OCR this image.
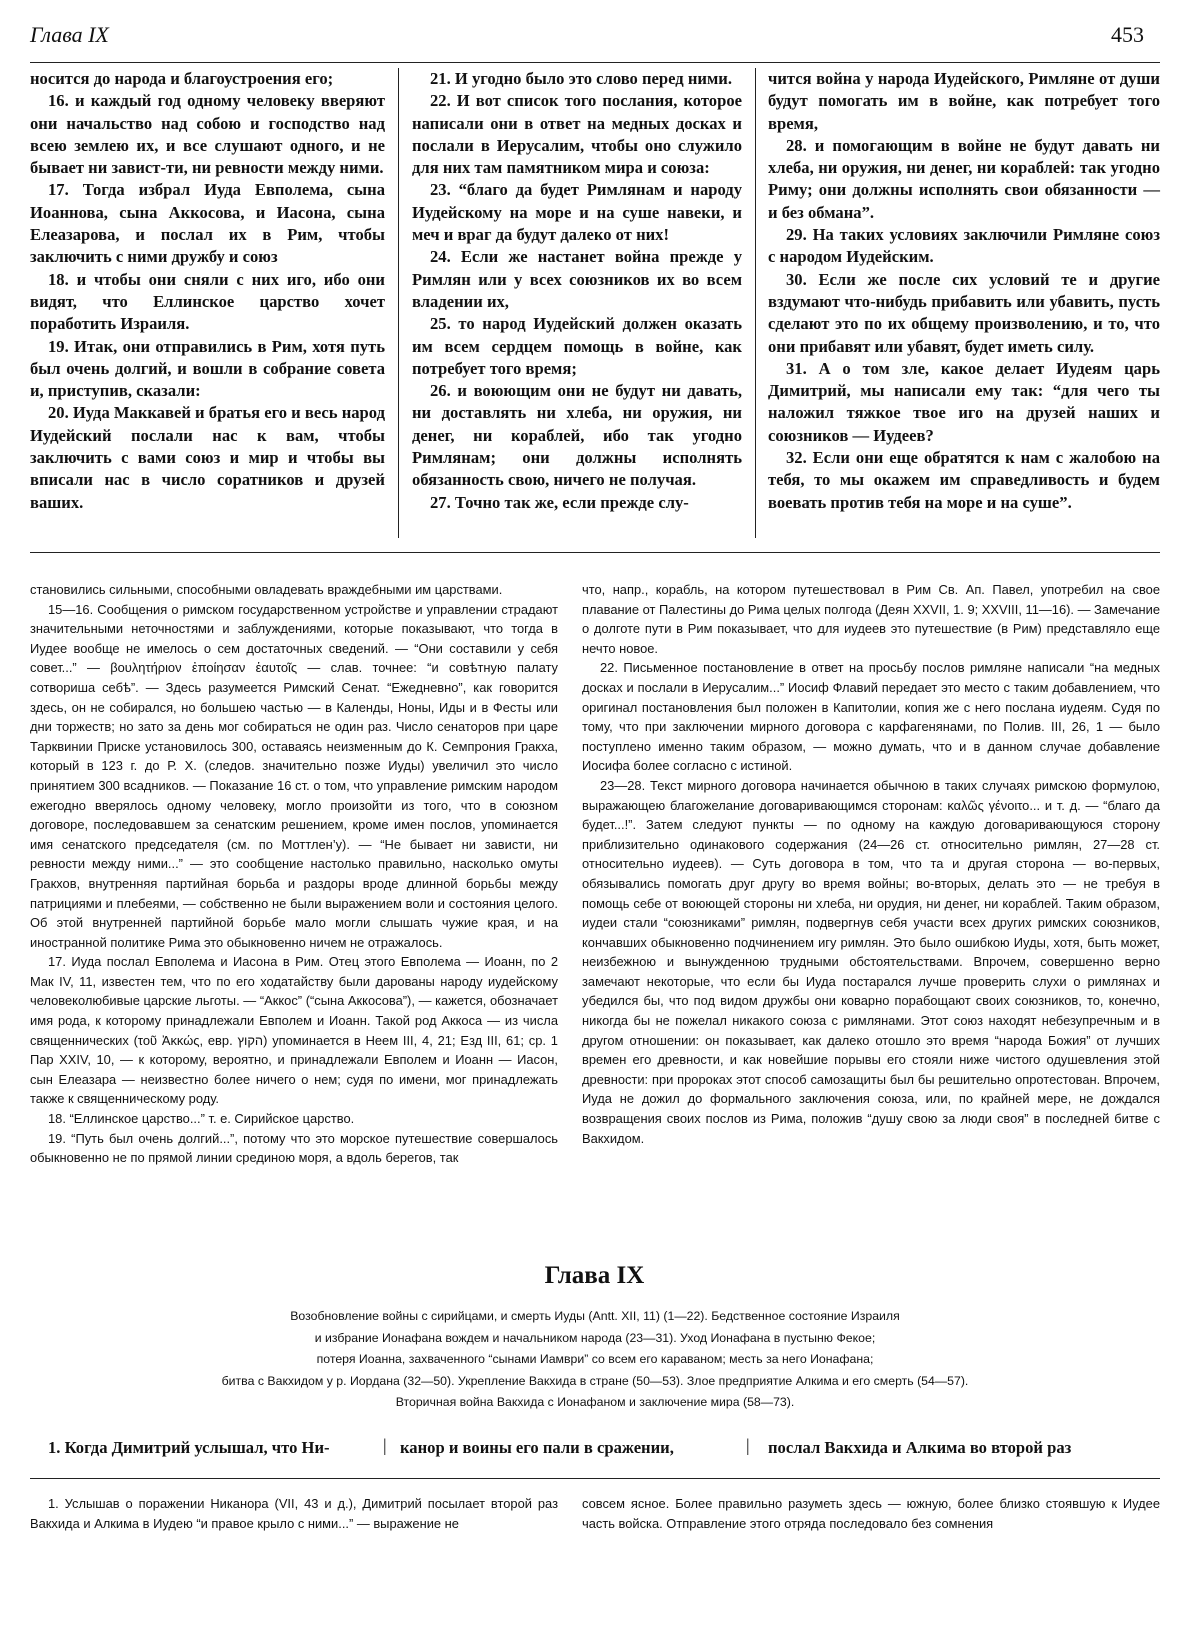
Глава IX	453

носится до народа и благоустроения его;

16. и каждый год одному человеку вверяют они начальство над собою и господство над всею землею их, и все слушают одного, и не бывает ни завист-ти, ни ревности между ними.

17. Тогда избрал Иуда Евполема, сына Иоаннова, сына Аккосова, и Иасона, сына Елеазарова, и послал их в Рим, чтобы заключить с ними дружбу и союз

18. и чтобы они сняли с них иго, ибо они видят, что Еллинское царство хочет поработить Израиля.

19. Итак, они отправились в Рим, хотя путь был очень долгий, и вошли в собрание совета и, приступив, сказали:

20. Иуда Маккавей и братья его и весь народ Иудейский послали нас к вам, чтобы заключить с вами союз и мир и чтобы вы вписали нас в число соратников и друзей ваших.

21. И угодно было это слово перед ними.

22. И вот список того послания, которое написали они в ответ на медных досках и послали в Иерусалим, чтобы оно служило для них там памятником мира и союза:

23. “благо да будет Римлянам и народу Иудейскому на море и на суше навеки, и меч и враг да будут далеко от них!

24. Если же настанет война прежде у Римлян или у всех союзников их во всем владении их,

25. то народ Иудейский должен оказать им всем сердцем помощь в войне, как потребует того время;

26. и воюющим они не будут ни давать, ни доставлять ни хлеба, ни оружия, ни денег, ни кораблей, ибо так угодно Римлянам; они должны исполнять обязанность свою, ничего не получая.

27. Точно так же, если прежде слу-

чится война у народа Иудейского, Римляне от души будут помогать им в войне, как потребует того время,

28. и помогающим в войне не будут давать ни хлеба, ни оружия, ни денег, ни кораблей: так угодно Риму; они должны исполнять свои обязанности — и без обмана”.

29. На таких условиях заключили Римляне союз с народом Иудейским.

30. Если же после сих условий те и другие вздумают что-нибудь прибавить или убавить, пусть сделают это по их общему произволению, и то, что они прибавят или убавят, будет иметь силу.

31. А о том зле, какое делает Иудеям царь Димитрий, мы написали ему так: “для чего ты наложил тяжкое твое иго на друзей наших и союзников — Иудеев?

32. Если они еще обратятся к нам с жалобою на тебя, то мы окажем им справедливость и будем воевать против тебя на море и на суше”.

становились сильными, способными овладевать враждебными им царствами.

15—16. Сообщения о римском государственном устройстве и управлении страдают значительными неточностями и заблуждениями, которые показывают, что тогда в Иудее вообще не имелось о сем достаточных сведений. — “Они составили у себя совет...” — βουλητήριον ἐποίησαν ἑαυτοῖς — слав. точнее: “и совѣтную палату сотвориша себѣ”. — Здесь разумеется Римский Сенат. “Ежедневно”, как говорится здесь, он не собирался, но большею частью — в Календы, Ноны, Иды и в Фесты или дни торжеств; но зато за день мог собираться не один раз. Число сенаторов при царе Тарквинии Приске установилось 300, оставаясь неизменным до К. Семпрония Гракха, который в 123 г. до Р. Х. (следов. значительно позже Иуды) увеличил это число принятием 300 всадников. — Показание 16 ст. о том, что управление римским народом ежегодно вверялось одному человеку, могло произойти из того, что в союзном договоре, последовавшем за сенатским решением, кроме имен послов, упоминается имя сенатского председателя (см. по Моттлен’у). — “Не бывает ни зависти, ни ревности между ними...” — это сообщение настолько правильно, насколько омуты Гракхов, внутренняя партийная борьба и раздоры вроде длинной борьбы между патрициями и плебеями, — собственно не были выражением воли и состояния целого. Об этой внутренней партийной борьбе мало могли слышать чужие края, и на иностранной политике Рима это обыкновенно ничем не отражалось.

17. Иуда послал Евполема и Иасона в Рим. Отец этого Евполема — Иоанн, по 2 Мак IV, 11, известен тем, что по его ходатайству были дарованы народу иудейскому человеколюбивые царские льготы. — “Аккос” (“сына Аккосова”), — кажется, обозначает имя рода, к которому принадлежали Евполем и Иоанн. Такой род Аккоса — из числа священнических (τοῦ Ἀκκώς, евр. הקוץ) упоминается в Неем III, 4, 21; Езд III, 61; ср. 1 Пар XXIV, 10, — к которому, вероятно, и принадлежали Евполем и Иоанн — Иасон, сын Елеазара — неизвестно более ничего о нем; судя по имени, мог принадлежать также к священническому роду.

18. “Еллинское царство...” т. е. Сирийское царство.

19. “Путь был очень долгий...”, потому что это морское путешествие совершалось обыкновенно не по прямой линии срединою моря, а вдоль берегов, так

что, напр., корабль, на котором путешествовал в Рим Св. Ап. Павел, употребил на свое плавание от Палестины до Рима целых полгода (Деян XXVII, 1. 9; XXVIII, 11—16). — Замечание о долготе пути в Рим показывает, что для иудеев это путешествие (в Рим) представляло еще нечто новое.

22. Письменное постановление в ответ на просьбу послов римляне написали “на медных досках и послали в Иерусалим...” Иосиф Флавий передает это место с таким добавлением, что оригинал постановления был положен в Капитолии, копия же с него послана иудеям. Судя по тому, что при заключении мирного договора с карфагенянами, по Полив. III, 26, 1 — было поступлено именно таким образом, — можно думать, что и в данном случае добавление Иосифа более согласно с истиной.

23—28. Текст мирного договора начинается обычною в таких случаях римскою формулою, выражающею благожелание договаривающимся сторонам: καλῶς γένοιτο... и т. д. — “благо да будет...!”. Затем следуют пункты — по одному на каждую договаривающуюся сторону приблизительно одинакового содержания (24—26 ст. относительно римлян, 27—28 ст. относительно иудеев). — Суть договора в том, что та и другая сторона — во-первых, обязывались помогать друг другу во время войны; во-вторых, делать это — не требуя в помощь себе от воюющей стороны ни хлеба, ни орудия, ни денег, ни кораблей. Таким образом, иудеи стали “союзниками” римлян, подвергнув себя участи всех других римских союзников, кончавших обыкновенно подчинением игу римлян. Это было ошибкою Иуды, хотя, быть может, неизбежною и вынужденною трудными обстоятельствами. Впрочем, совершенно верно замечают некоторые, что если бы Иуда постарался лучше проверить слухи о римлянах и убедился бы, что под видом дружбы они коварно порабощают своих союзников, то, конечно, никогда бы не пожелал никакого союза с римлянами. Этот союз находят небезупречным и в другом отношении: он показывает, как далеко отошло это время “народа Божия” от лучших времен его древности, и как новейшие порывы его стояли ниже чистого одушевления этой древности: при пророках этот способ самозащиты был бы решительно опротестован. Впрочем, Иуда не дожил до формального заключения союза, или, по крайней мере, не дождался возвращения своих послов из Рима, положив “душу свою за люди своя” в последней битве с Вакхидом.

Глава IX
Возобновление войны с сирийцами, и смерть Иуды (Antt. XII, 11) (1—22). Бедственное состояние Израиля
и избрание Ионафана вождем и начальником народа (23—31). Уход Ионафана в пустыню Фекое;
потеря Иоанна, захваченного “сынами Иамври” со всем его караваном; месть за него Ионафана;
битва с Вакхидом у р. Иордана (32—50). Укрепление Вакхида в стране (50—53). Злое предприятие Алкима и его смерть (54—57).
Вторичная война Вакхида с Ионафаном и заключение мира (58—73).
1. Когда Димитрий услышал, что Ни-	| канор и воины его пали в сражении,	| послал Вакхида и Алкима во второй раз

1. Услышав о поражении Никанора (VII, 43 и д.), Димитрий посылает второй раз Вакхида и Алкима в Иудею “и правое крыло с ними...” — выражение не

совсем ясное. Более правильно разуметь здесь — южную, более близко стоявшую к Иудее часть войска. Отправление этого отряда последовало без сомнения
